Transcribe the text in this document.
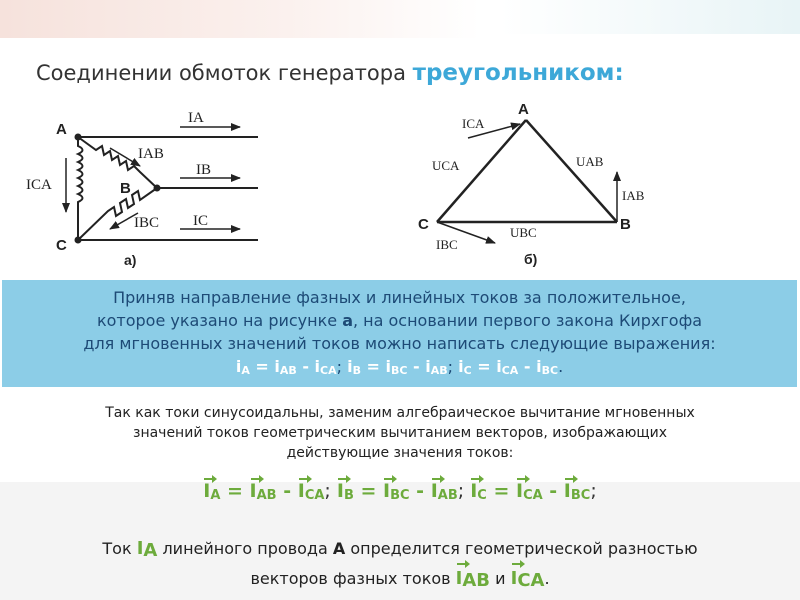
Соединении обмоток генератора треугольником:
A
B
C
IA
IB
IC
IAB
IBC
ICA
а)
A
B
C
UCA	UAB
UBC
ICA
IAB
IBC
б)
Приняв направление фазных и линейных токов за положительное,
которое указано на рисунке а, на основании первого закона Кирхгофа
для мгновенных значений токов можно написать следующие выражения:
$i_A = i_{AB} - i_{CA}$; $i_B = i_{BC} - i_{AB}$; $i_C = i_{CA} - i_{BC}$.
Так как токи синусоидальны, заменим алгебраическое вычитание мгновенных
значений токов геометрическим вычитанием векторов, изображающих
действующие значения токов:
$I_A = I_{AB} - I_{CA}$; $I_B = I_{BC} - I_{AB}$; $I_C = I_{CA} - I_{BC}$;
Ток $I_A$ линейного провода A определится геометрической разностью
векторов фазных токов $I_{AB}$ и $I_{CA}$.
